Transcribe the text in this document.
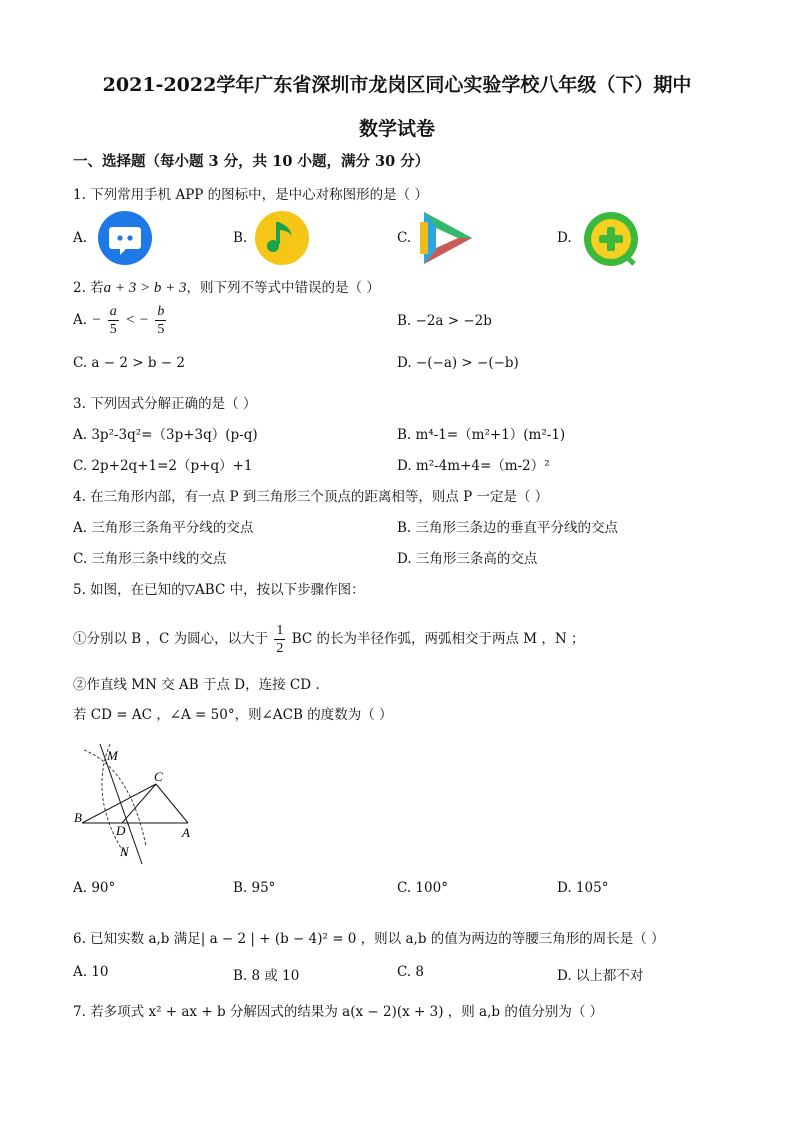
2021-2022学年广东省深圳市龙岗区同心实验学校八年级（下）期中
数学试卷
一、选择题（每小题 3 分，共 10 小题，满分 30 分）
1. 下列常用手机 APP 的图标中，是中心对称图形的是（ ）
A.	B.	C.	D.
2. 若a + 3 > b + 3，则下列不等式中错误的是（ ）
A. − $\frac{a}{5}$ < − $\frac{b}{5}$	B. −2a > −2b
C. a − 2 > b − 2	D. −(−a) > −(−b)
3. 下列因式分解正确的是（ ）
A. 3p²-3q²=（3p+3q）(p-q)	B. m⁴-1=（m²+1）(m²-1)
C. 2p+2q+1=2（p+q）+1	D. m²-4m+4=（m-2）²
4. 在三角形内部，有一点 P 到三角形三个顶点的距离相等，则点 P 一定是（ ）
A. 三角形三条角平分线的交点	B. 三角形三条边的垂直平分线的交点
C. 三角形三条中线的交点	D. 三角形三条高的交点
5. 如图，在已知的▽ABC 中，按以下步骤作图：
①分别以 B ，C 为圆心，以大于 $\frac{1}{2}$ BC 的长为半径作弧，两弧相交于两点 M ，N ；
②作直线 MN 交 AB 于点 D，连接 CD .
若 CD = AC ，∠A = 50°，则∠ACB 的度数为（ ）
M
C
B
D	A
N
A. 90°	B. 95°	C. 100°	D. 105°
6. 已知实数 a,b 满足| a − 2 | + (b − 4)² = 0 ，则以 a,b 的值为两边的等腰三角形的周长是（ ）
A. 10	B. 8 或 10	C. 8	D. 以上都不对
7. 若多项式 x² + ax + b 分解因式的结果为 a(x − 2)(x + 3) ，则 a,b 的值分别为（ ）
